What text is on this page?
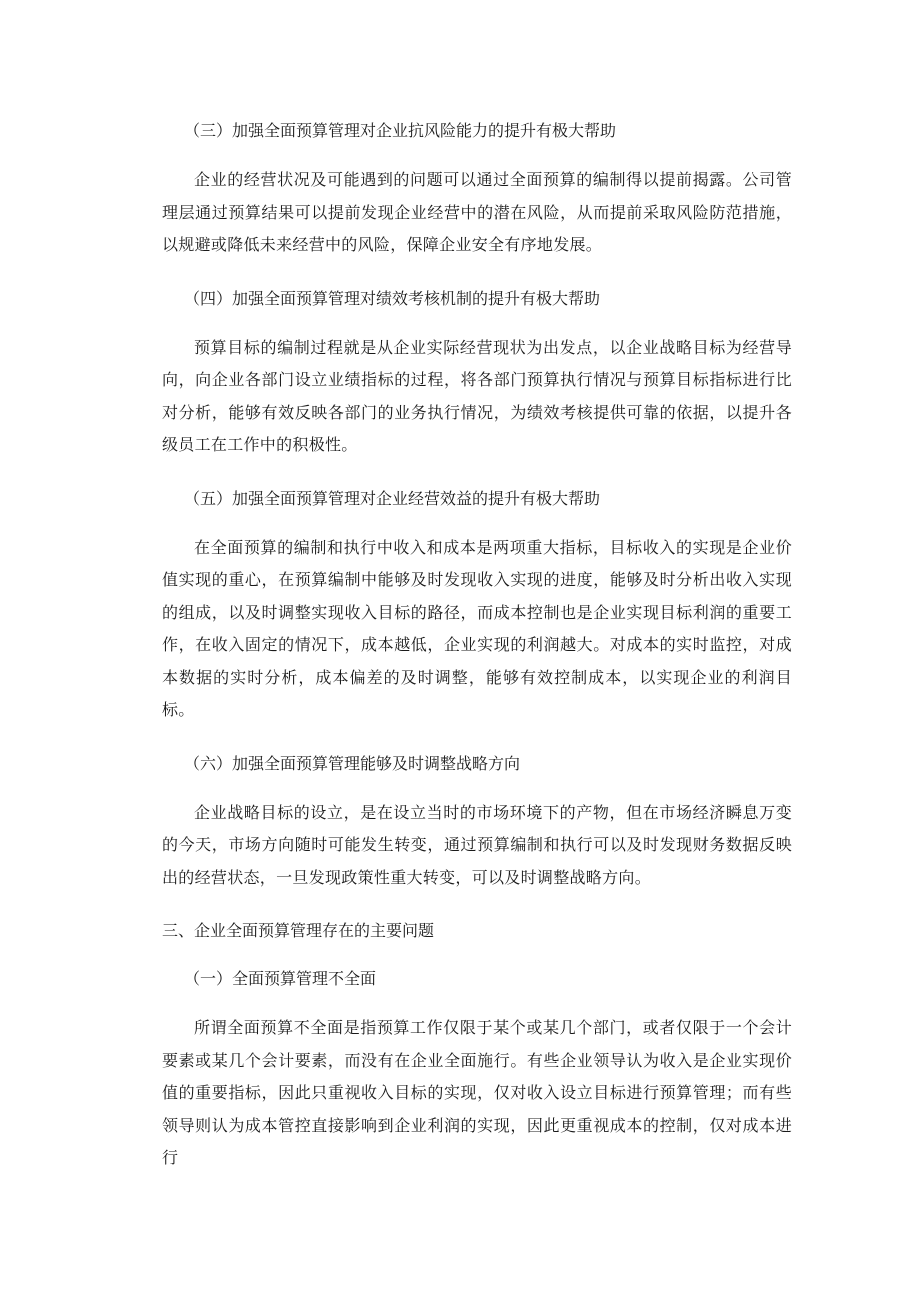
（三）加强全面预算管理对企业抗风险能力的提升有极大帮助

企业的经营状况及可能遇到的问题可以通过全面预算的编制得以提前揭露。公司管理层通过预算结果可以提前发现企业经营中的潜在风险，从而提前采取风险防范措施，以规避或降低未来经营中的风险，保障企业安全有序地发展。

（四）加强全面预算管理对绩效考核机制的提升有极大帮助

预算目标的编制过程就是从企业实际经营现状为出发点，以企业战略目标为经营导向，向企业各部门设立业绩指标的过程，将各部门预算执行情况与预算目标指标进行比对分析，能够有效反映各部门的业务执行情况，为绩效考核提供可靠的依据，以提升各级员工在工作中的积极性。

（五）加强全面预算管理对企业经营效益的提升有极大帮助

在全面预算的编制和执行中收入和成本是两项重大指标，目标收入的实现是企业价值实现的重心，在预算编制中能够及时发现收入实现的进度，能够及时分析出收入实现的组成，以及时调整实现收入目标的路径，而成本控制也是企业实现目标利润的重要工作，在收入固定的情况下，成本越低，企业实现的利润越大。对成本的实时监控，对成本数据的实时分析，成本偏差的及时调整，能够有效控制成本，以实现企业的利润目标。

（六）加强全面预算管理能够及时调整战略方向

企业战略目标的设立，是在设立当时的市场环境下的产物，但在市场经济瞬息万变的今天，市场方向随时可能发生转变，通过预算编制和执行可以及时发现财务数据反映出的经营状态，一旦发现政策性重大转变，可以及时调整战略方向。

三、企业全面预算管理存在的主要问题
（一）全面预算管理不全面

所谓全面预算不全面是指预算工作仅限于某个或某几个部门，或者仅限于一个会计要素或某几个会计要素，而没有在企业全面施行。有些企业领导认为收入是企业实现价值的重要指标，因此只重视收入目标的实现，仅对收入设立目标进行预算管理；而有些领导则认为成本管控直接影响到企业利润的实现，因此更重视成本的控制，仅对成本进行
